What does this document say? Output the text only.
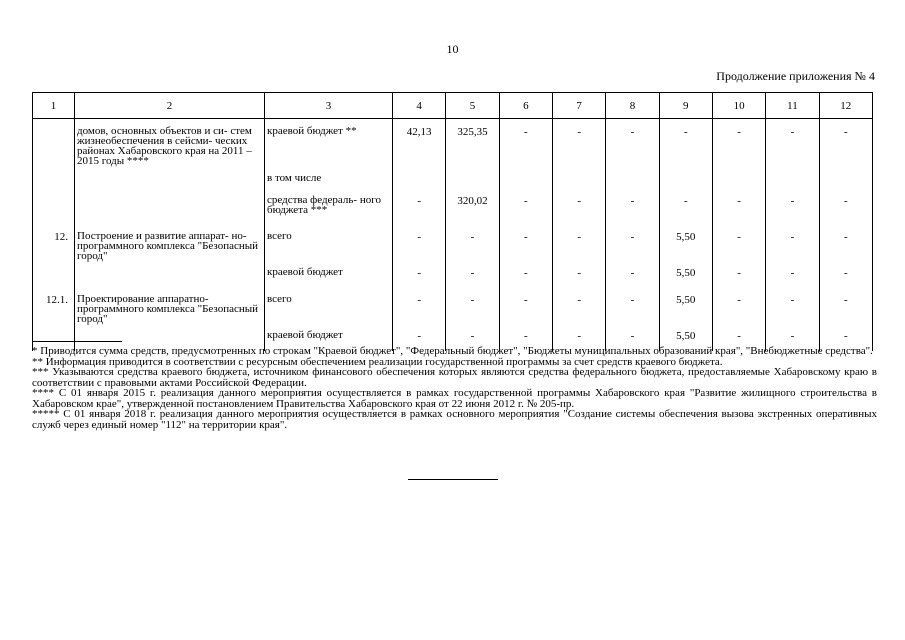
10
Продолжение приложения № 4
1	2	3	4	5	6	7	8	9	10	11	12
	домов, основных объектов и си- стем жизнеобеспечения в сейсми- ческих районах Хабаровского края на 2011 – 2015 годы ****	краевой бюджет **	42,13	325,35	-	-	-	-	-	-	-
		в том числе									
		средства федераль- ного бюджета ***	-	320,02	-	-	-	-	-	-	-
12.	Построение и развитие аппарат- но-программного комплекса "Безопасный город"	всего	-	-	-	-	-	5,50	-	-	-
		краевой бюджет	-	-	-	-	-	5,50	-	-	-
12.1.	Проектирование аппаратно- программного комплекса "Безопасный город"	всего	-	-	-	-	-	5,50	-	-	-
		краевой бюджет	-	-	-	-	-	5,50	-	-	-

* Приводится сумма средств, предусмотренных по строкам "Краевой бюджет", "Федеральный бюджет", "Бюджеты муниципальных образований края", "Внебюджетные средства".

** Информация приводится в соответствии с ресурсным обеспечением реализации государственной программы за счет средств краевого бюджета.

*** Указываются средства краевого бюджета, источником финансового обеспечения которых являются средства федерального бюджета, предоставляемые Хабаровскому краю в соответствии с правовыми актами Российской Федерации.

**** С 01 января 2015 г. реализация данного мероприятия осуществляется в рамках государственной программы Хабаровского края "Развитие жилищного строительства в Хабаровском крае", утвержденной постановлением Правительства Хабаровского края от 22 июня 2012 г. № 205-пр.

***** С 01 января 2018 г. реализация данного мероприятия осуществляется в рамках основного мероприятия "Создание системы обеспечения вызова экстренных оперативных служб через единый номер "112" на территории края".
